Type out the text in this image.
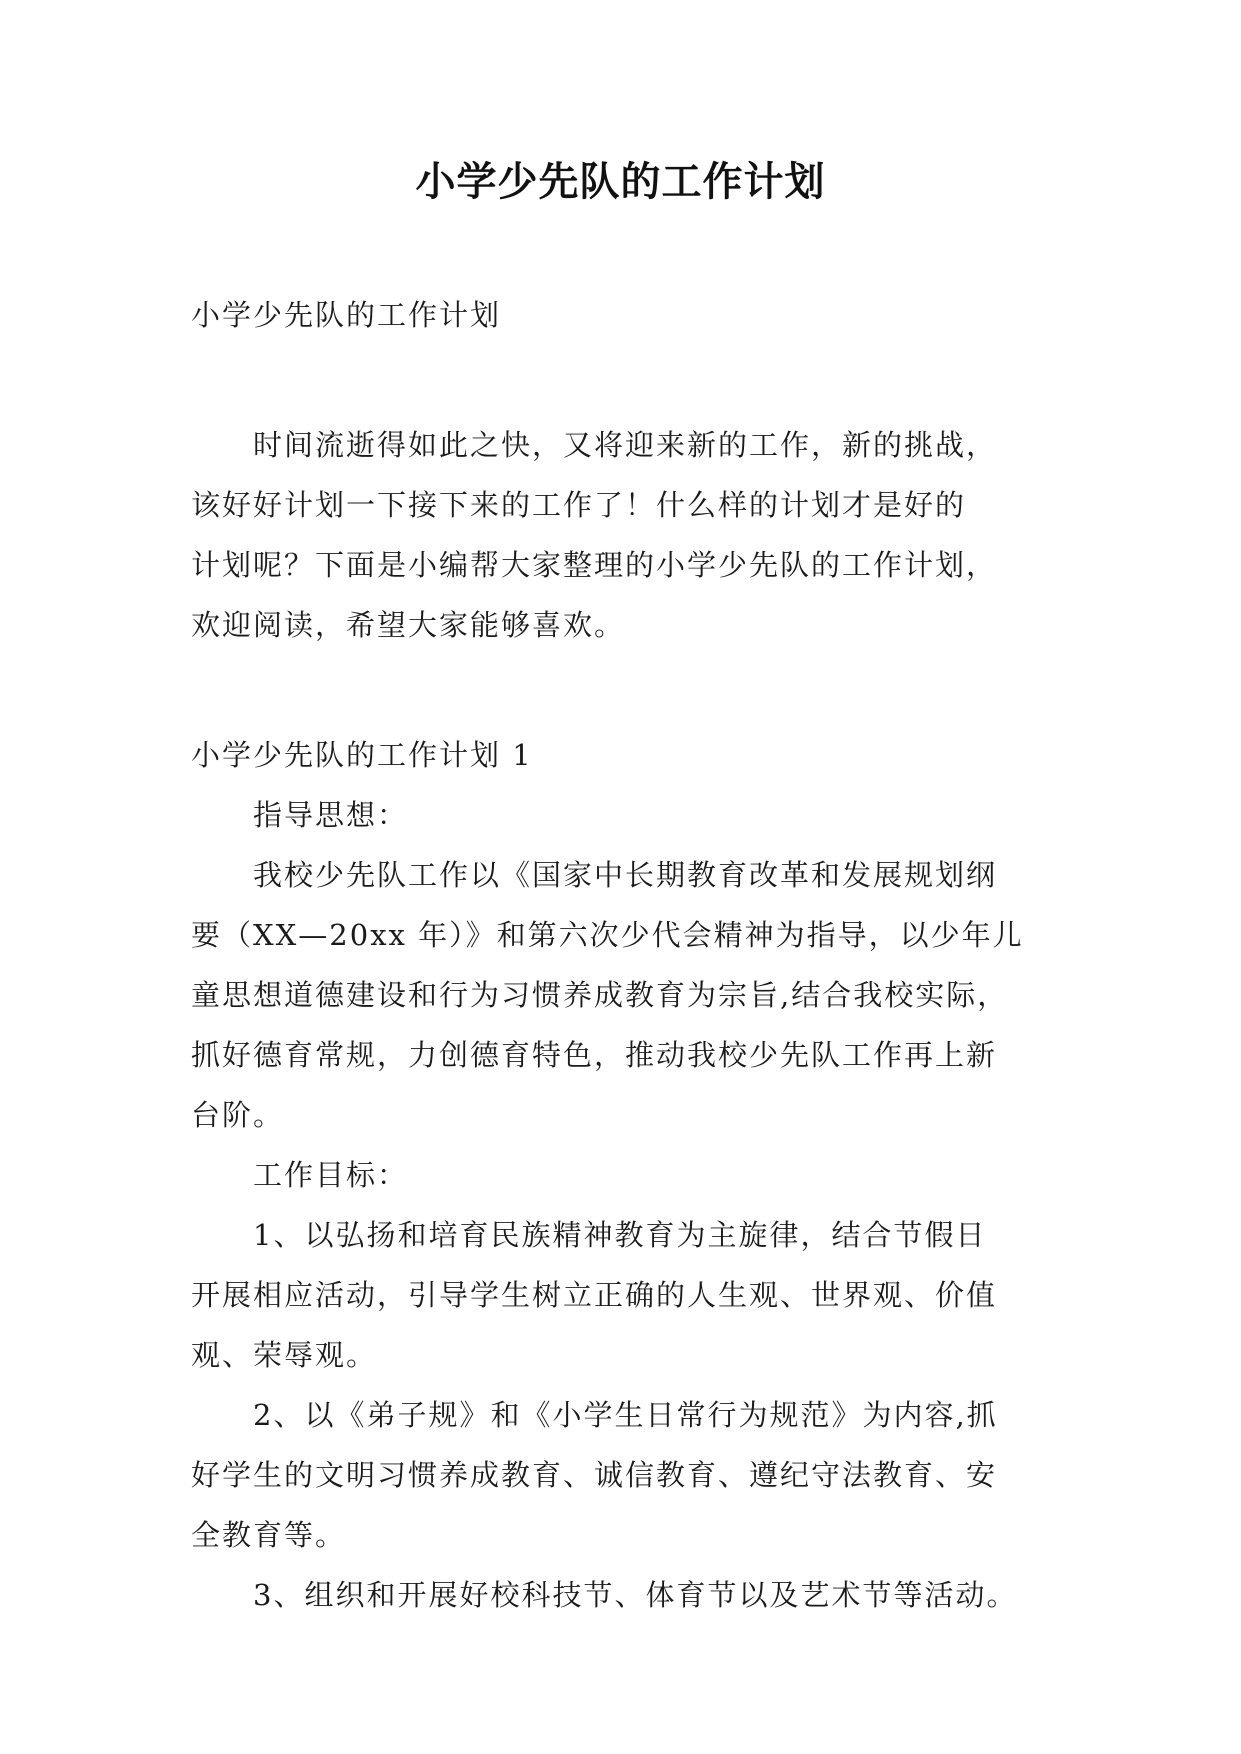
小学少先队的工作计划
小学少先队的工作计划
　　时间流逝得如此之快，又将迎来新的工作，新的挑战，
该好好计划一下接下来的工作了！什么样的计划才是好的
计划呢？下面是小编帮大家整理的小学少先队的工作计划，
欢迎阅读，希望大家能够喜欢。
小学少先队的工作计划 1
　　指导思想：
　　我校少先队工作以《国家中长期教育改革和发展规划纲
要（XX—20xx 年）》和第六次少代会精神为指导，以少年儿
童思想道德建设和行为习惯养成教育为宗旨,结合我校实际，
抓好德育常规，力创德育特色，推动我校少先队工作再上新
台阶。
　　工作目标：
　　1、以弘扬和培育民族精神教育为主旋律，结合节假日
开展相应活动，引导学生树立正确的人生观、世界观、价值
观、荣辱观。
　　2、以《弟子规》和《小学生日常行为规范》为内容,抓
好学生的文明习惯养成教育、诚信教育、遵纪守法教育、安
全教育等。
　　3、组织和开展好校科技节、体育节以及艺术节等活动。
